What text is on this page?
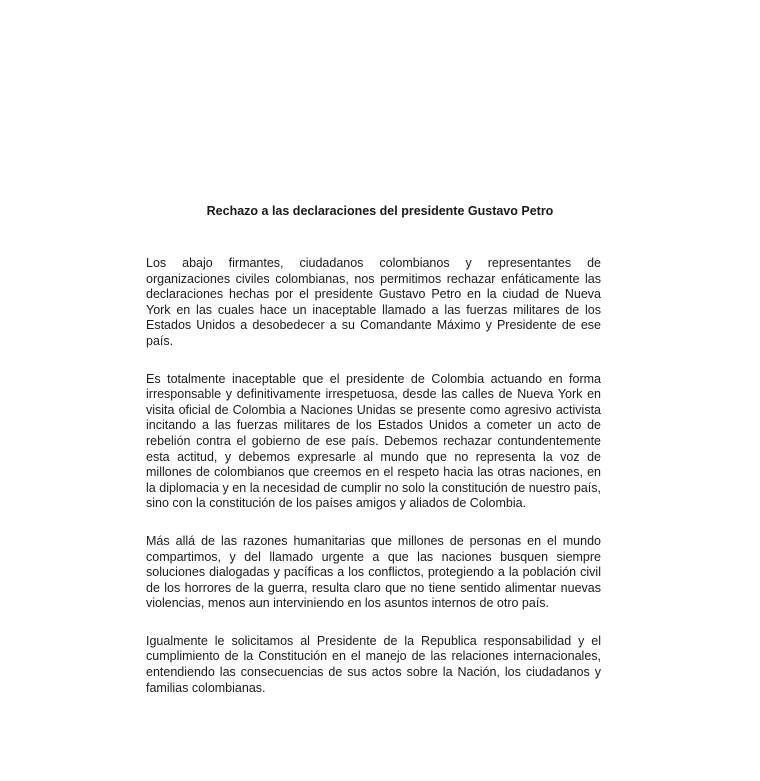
Rechazo a las declaraciones del presidente Gustavo Petro

Los abajo firmantes, ciudadanos colombianos y representantes de organizaciones civiles colombianas, nos permitimos rechazar enfáticamente las declaraciones hechas por el presidente Gustavo Petro en la ciudad de Nueva York en las cuales hace un inaceptable llamado a las fuerzas militares de los Estados Unidos a desobedecer a su Comandante Máximo y Presidente de ese país.

Es totalmente inaceptable que el presidente de Colombia actuando en forma irresponsable y definitivamente irrespetuosa, desde las calles de Nueva York en visita oficial de Colombia a Naciones Unidas se presente como agresivo activista incitando a las fuerzas militares de los Estados Unidos a cometer un acto de rebelión contra el gobierno de ese país. Debemos rechazar contundentemente esta actitud, y debemos expresarle al mundo que no representa la voz de millones de colombianos que creemos en el respeto hacia las otras naciones, en la diplomacia y en la necesidad de cumplir no solo la constitución de nuestro país, sino con la constitución de los países amigos y aliados de Colombia.

Más allá de las razones humanitarias que millones de personas en el mundo compartimos, y del llamado urgente a que las naciones busquen siempre soluciones dialogadas y pacíficas a los conflictos, protegiendo a la población civil de los horrores de la guerra, resulta claro que no tiene sentido alimentar nuevas violencias, menos aun interviniendo en los asuntos internos de otro país.

Igualmente le solicitamos al Presidente de la Republica responsabilidad y el cumplimiento de la Constitución en el manejo de las relaciones internacionales, entendiendo las consecuencias de sus actos sobre la Nación, los ciudadanos y familias colombianas.
